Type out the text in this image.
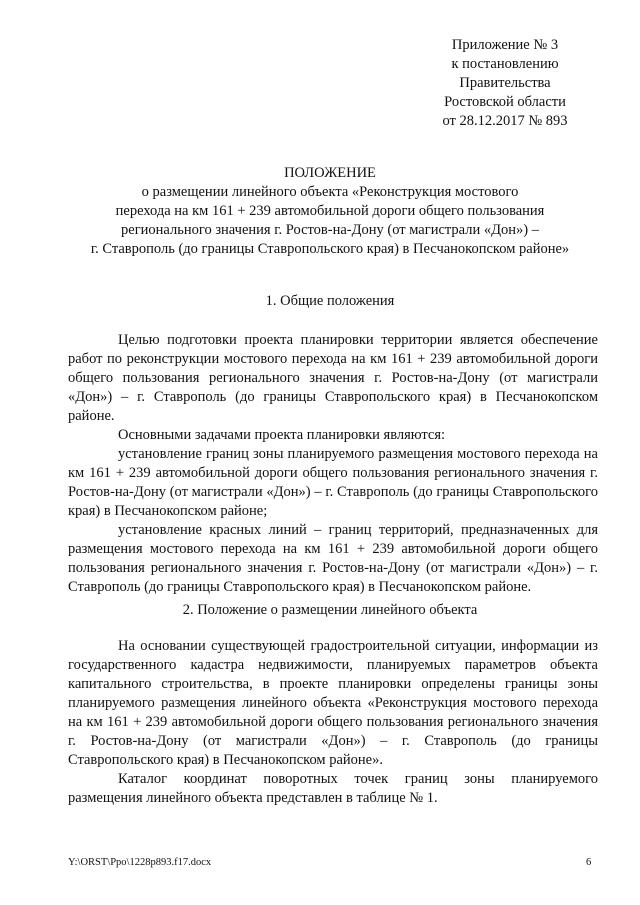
Приложение № 3
к постановлению
Правительства
Ростовской области
от 28.12.2017 № 893
ПОЛОЖЕНИЕ
о размещении линейного объекта «Реконструкция мостового
перехода на км 161 + 239 автомобильной дороги общего пользования
регионального значения г. Ростов-на-Дону (от магистрали «Дон») –
г. Ставрополь (до границы Ставропольского края) в Песчанокопском районе»
1. Общие положения

Целью подготовки проекта планировки территории является обеспечение работ по реконструкции мостового перехода на км 161 + 239 автомобильной дороги общего пользования регионального значения г. Ростов-на-Дону (от магистрали «Дон») – г. Ставрополь (до границы Ставропольского края) в Песчанокопском районе.

Основными задачами проекта планировки являются:

установление границ зоны планируемого размещения мостового перехода на км 161 + 239 автомобильной дороги общего пользования регионального значения г. Ростов-на-Дону (от магистрали «Дон») – г. Ставрополь (до границы Ставропольского края) в Песчанокопском районе;

установление красных линий – границ территорий, предназначенных для размещения мостового перехода на км 161 + 239 автомобильной дороги общего пользования регионального значения г. Ростов-на-Дону (от магистрали «Дон») – г. Ставрополь (до границы Ставропольского края) в Песчанокопском районе.

2. Положение о размещении линейного объекта

На основании существующей градостроительной ситуации, информации из государственного кадастра недвижимости, планируемых параметров объекта капитального строительства, в проекте планировки определены границы зоны планируемого размещения линейного объекта «Реконструкция мостового перехода на км 161 + 239 автомобильной дороги общего пользования регионального значения г. Ростов-на-Дону (от магистрали «Дон») – г. Ставрополь (до границы Ставропольского края) в Песчанокопском районе».

Каталог координат поворотных точек границ зоны планируемого размещения линейного объекта представлен в таблице № 1.

Y:\ORST\Ppo\1228p893.f17.docx	6
